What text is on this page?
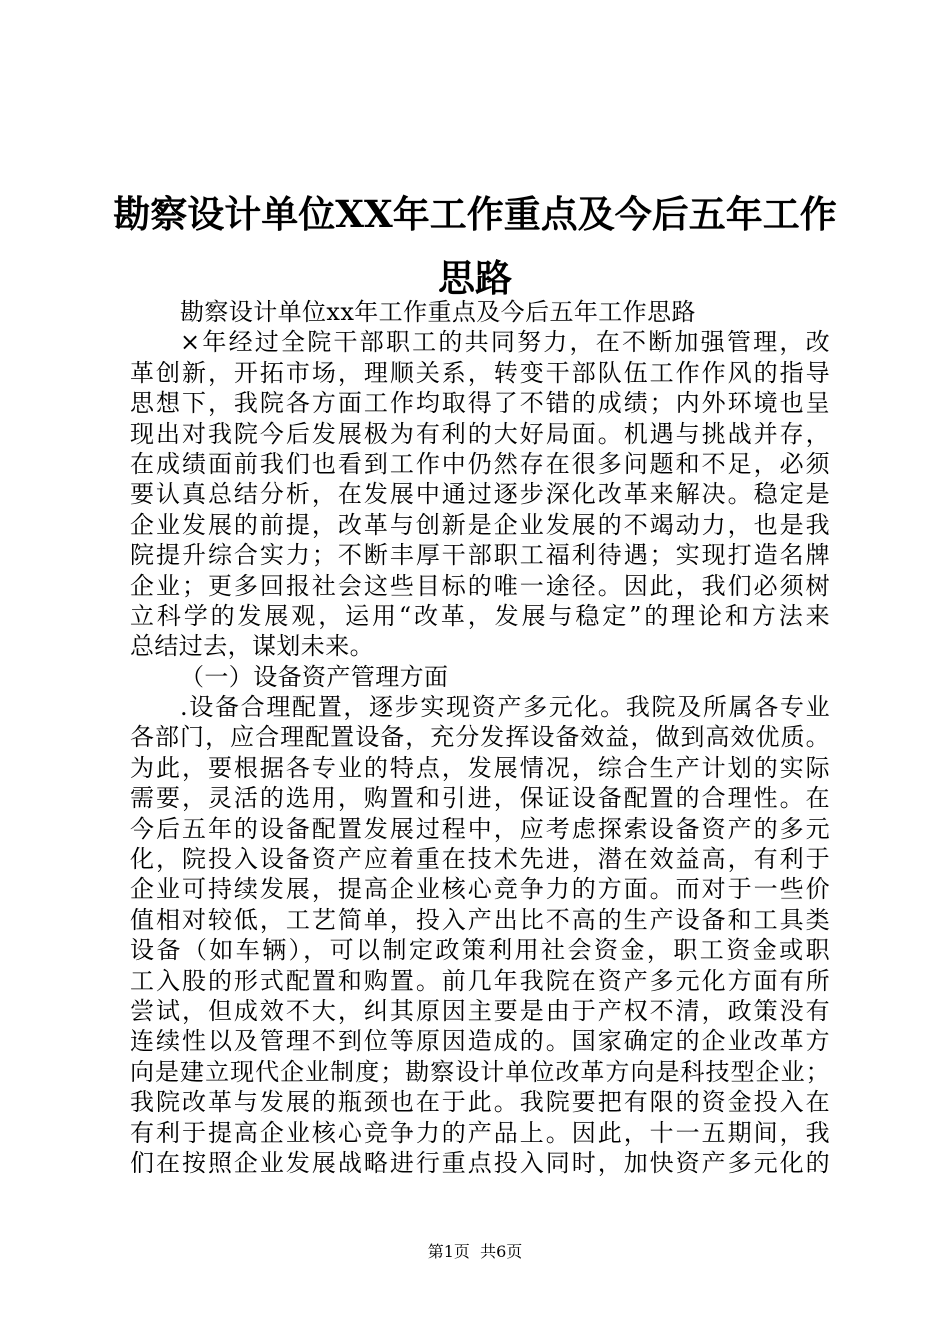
勘察设计单位XX年工作重点及今后五年工作
思路
勘察设计单位xx年工作重点及今后五年工作思路
×年经过全院干部职工的共同努力，在不断加强管理，改
革创新，开拓市场，理顺关系，转变干部队伍工作作风的指导
思想下，我院各方面工作均取得了不错的成绩；内外环境也呈
现出对我院今后发展极为有利的大好局面。机遇与挑战并存，
在成绩面前我们也看到工作中仍然存在很多问题和不足，必须
要认真总结分析，在发展中通过逐步深化改革来解决。稳定是
企业发展的前提，改革与创新是企业发展的不竭动力，也是我
院提升综合实力；不断丰厚干部职工福利待遇；实现打造名牌
企业；更多回报社会这些目标的唯一途径。因此，我们必须树
立科学的发展观，运用“改革，发展与稳定”的理论和方法来
总结过去，谋划未来。
（一）设备资产管理方面
.设备合理配置，逐步实现资产多元化。我院及所属各专业
各部门，应合理配置设备，充分发挥设备效益，做到高效优质。
为此，要根据各专业的特点，发展情况，综合生产计划的实际
需要，灵活的选用，购置和引进，保证设备配置的合理性。在
今后五年的设备配置发展过程中，应考虑探索设备资产的多元
化，院投入设备资产应着重在技术先进，潜在效益高，有利于
企业可持续发展，提高企业核心竞争力的方面。而对于一些价
值相对较低，工艺简单，投入产出比不高的生产设备和工具类
设备（如车辆），可以制定政策利用社会资金，职工资金或职
工入股的形式配置和购置。前几年我院在资产多元化方面有所
尝试，但成效不大，纠其原因主要是由于产权不清，政策没有
连续性以及管理不到位等原因造成的。国家确定的企业改革方
向是建立现代企业制度；勘察设计单位改革方向是科技型企业；
我院改革与发展的瓶颈也在于此。我院要把有限的资金投入在
有利于提高企业核心竞争力的产品上。因此，十一五期间，我
们在按照企业发展战略进行重点投入同时，加快资产多元化的
第1页  共6页
